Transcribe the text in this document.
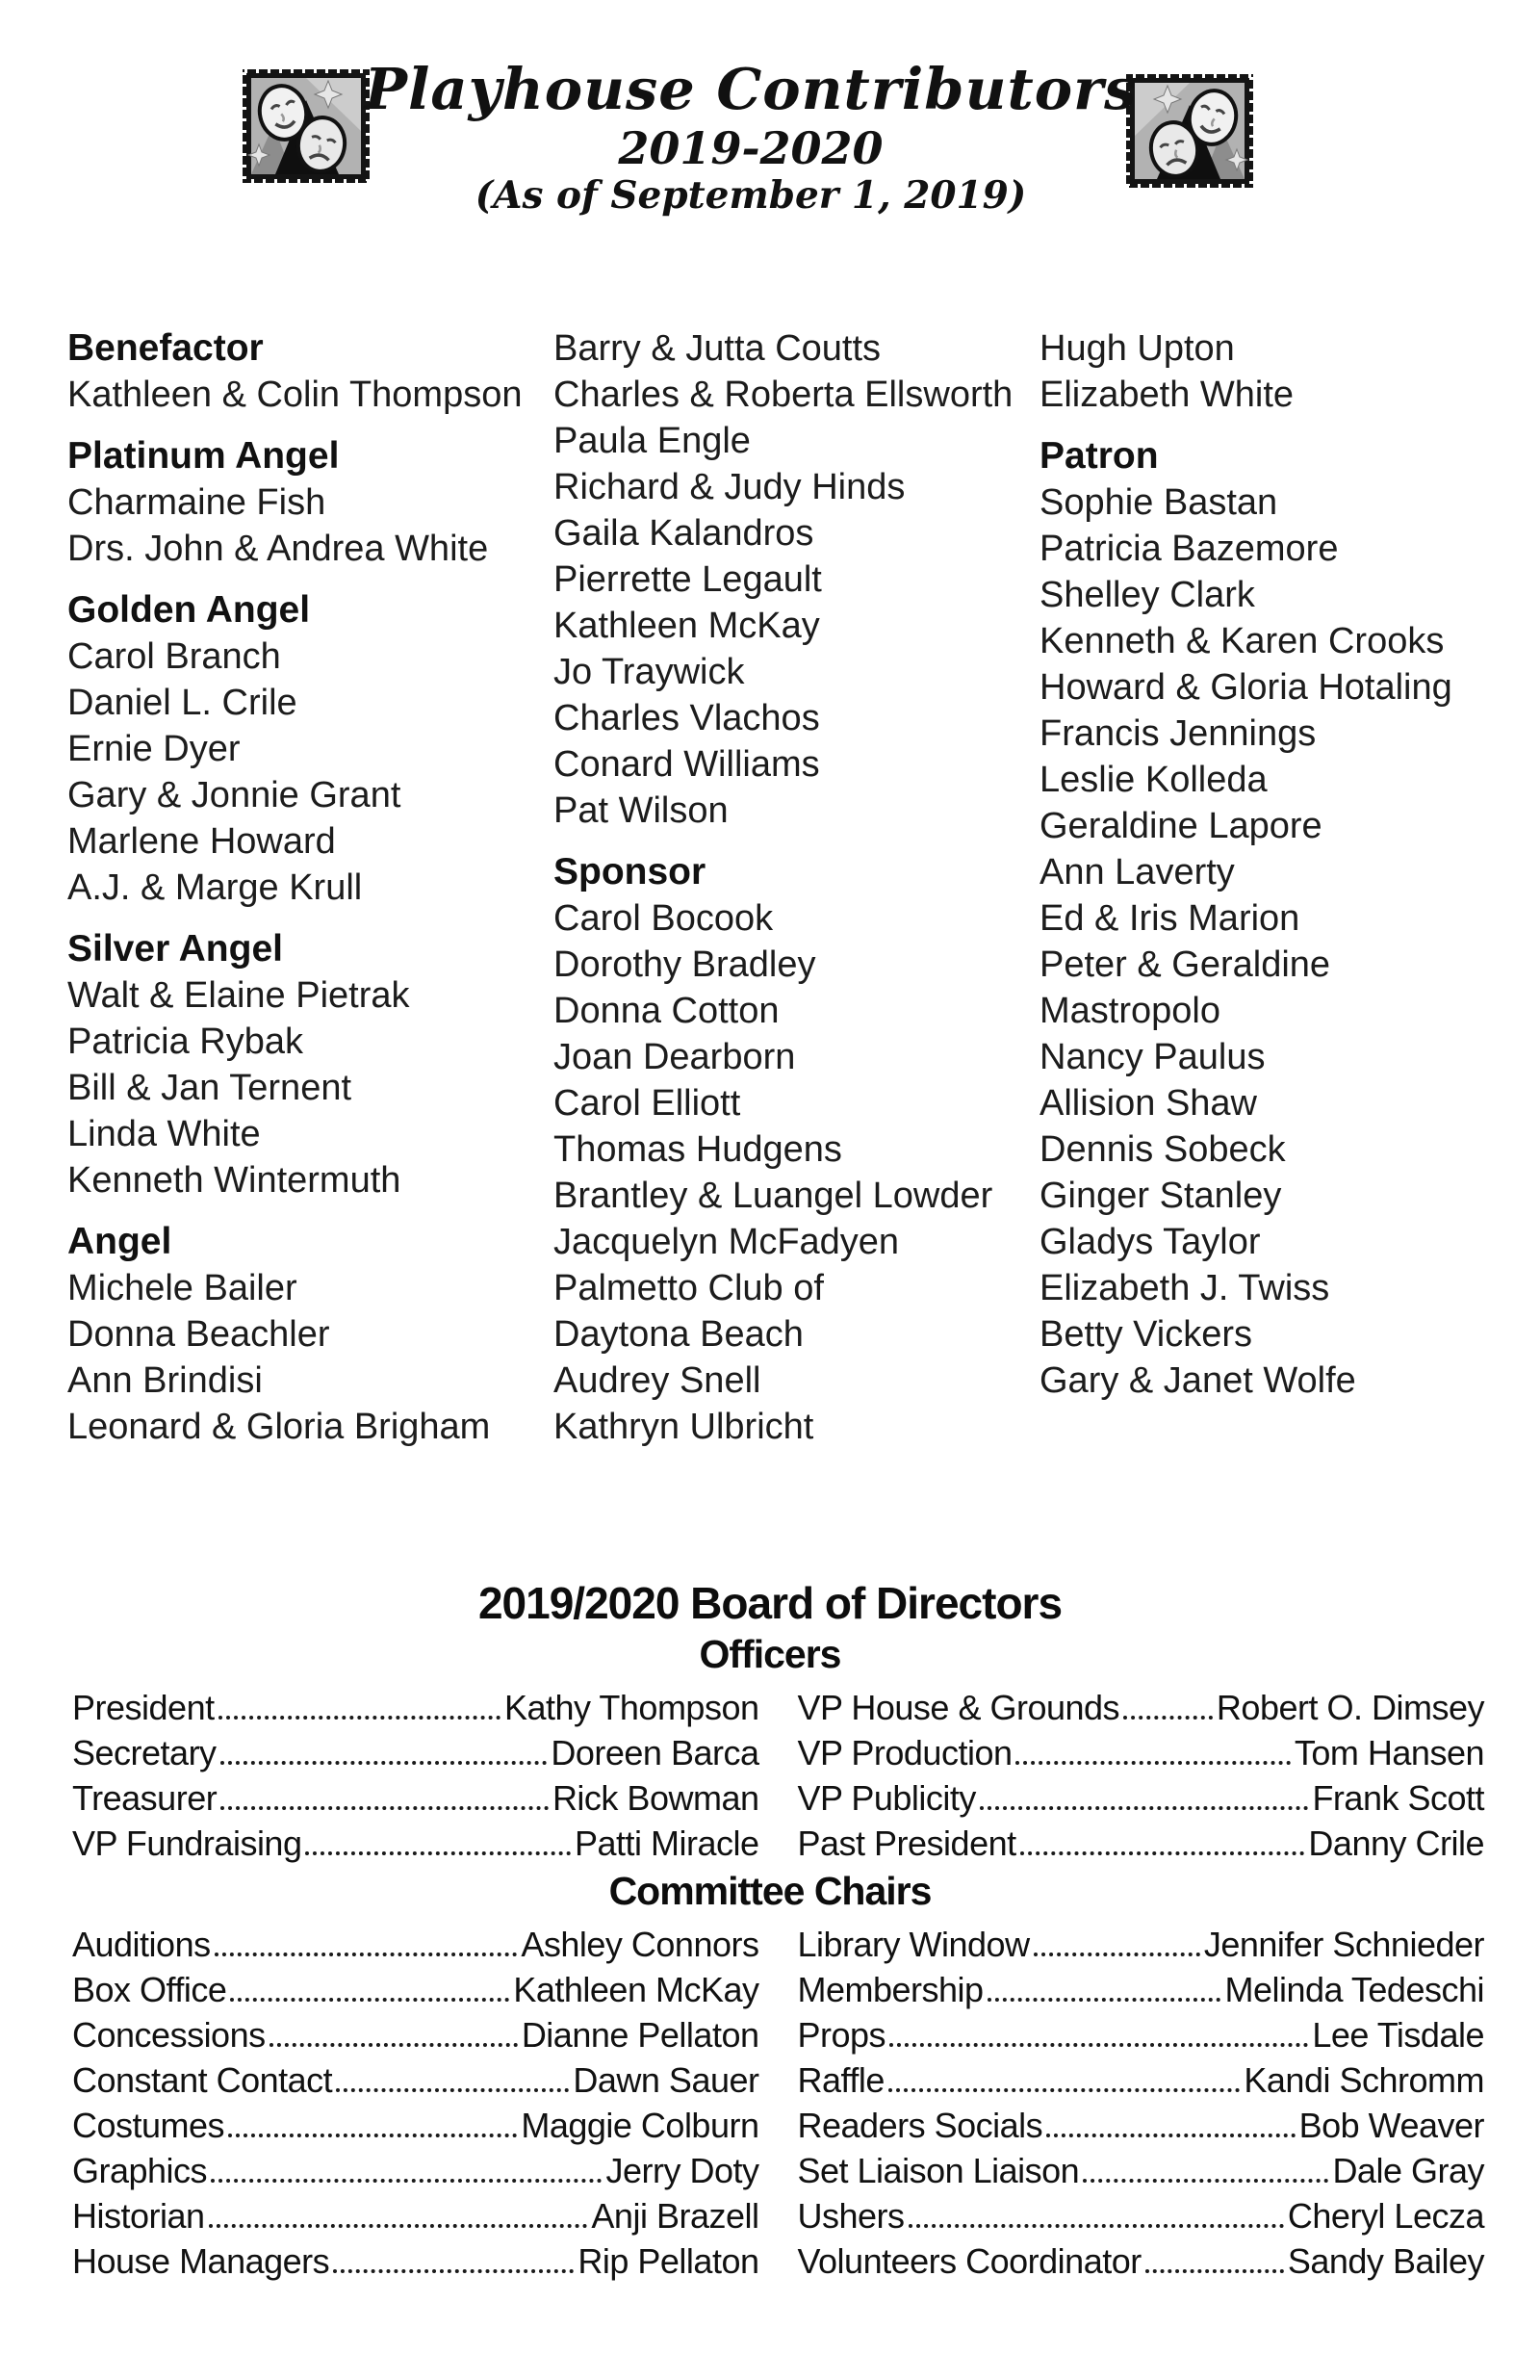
Playhouse Contributors
2019-2020
(As of September 1, 2019)
Benefactor
Kathleen & Colin Thompson
Platinum Angel
Charmaine Fish
Drs. John & Andrea White
Golden Angel
Carol Branch
Daniel L. Crile
Ernie Dyer
Gary & Jonnie Grant
Marlene Howard
A.J. & Marge Krull
Silver Angel
Walt & Elaine Pietrak
Patricia Rybak
Bill & Jan Ternent
Linda White
Kenneth Wintermuth
Angel
Michele Bailer
Donna Beachler
Ann Brindisi
Leonard & Gloria Brigham
Barry & Jutta Coutts
Charles & Roberta Ellsworth
Paula Engle
Richard & Judy Hinds
Gaila Kalandros
Pierrette Legault
Kathleen McKay
Jo Traywick
Charles Vlachos
Conard Williams
Pat Wilson
Sponsor
Carol Bocook
Dorothy Bradley
Donna Cotton
Joan Dearborn
Carol Elliott
Thomas Hudgens
Brantley & Luangel Lowder
Jacquelyn McFadyen
Palmetto Club of
Daytona Beach
Audrey Snell
Kathryn Ulbricht
Hugh Upton
Elizabeth White
Patron
Sophie Bastan
Patricia Bazemore
Shelley Clark
Kenneth & Karen Crooks
Howard & Gloria Hotaling
Francis Jennings
Leslie Kolleda
Geraldine Lapore
Ann Laverty
Ed & Iris Marion
Peter & Geraldine
Mastropolo
Nancy Paulus
Allision Shaw
Dennis Sobeck
Ginger Stanley
Gladys Taylor
Elizabeth J. Twiss
Betty Vickers
Gary & Janet Wolfe
2019/2020 Board of Directors
Officers
President	Kathy Thompson
Secretary	Doreen Barca
Treasurer	Rick Bowman
VP Fundraising	Patti Miracle
VP House & Grounds	Robert O. Dimsey
VP Production	Tom Hansen
VP Publicity	Frank Scott
Past President	Danny Crile
Committee Chairs
Auditions	Ashley Connors
Box Office	Kathleen McKay
Concessions	Dianne Pellaton
Constant Contact	Dawn Sauer
Costumes	Maggie Colburn
Graphics	Jerry Doty
Historian	Anji Brazell
House Managers	Rip Pellaton
Library Window	Jennifer Schnieder
Membership	Melinda Tedeschi
Props	Lee Tisdale
Raffle	Kandi Schromm
Readers Socials	Bob Weaver
Set Liaison Liaison	Dale Gray
Ushers	Cheryl Lecza
Volunteers Coordinator	Sandy Bailey
